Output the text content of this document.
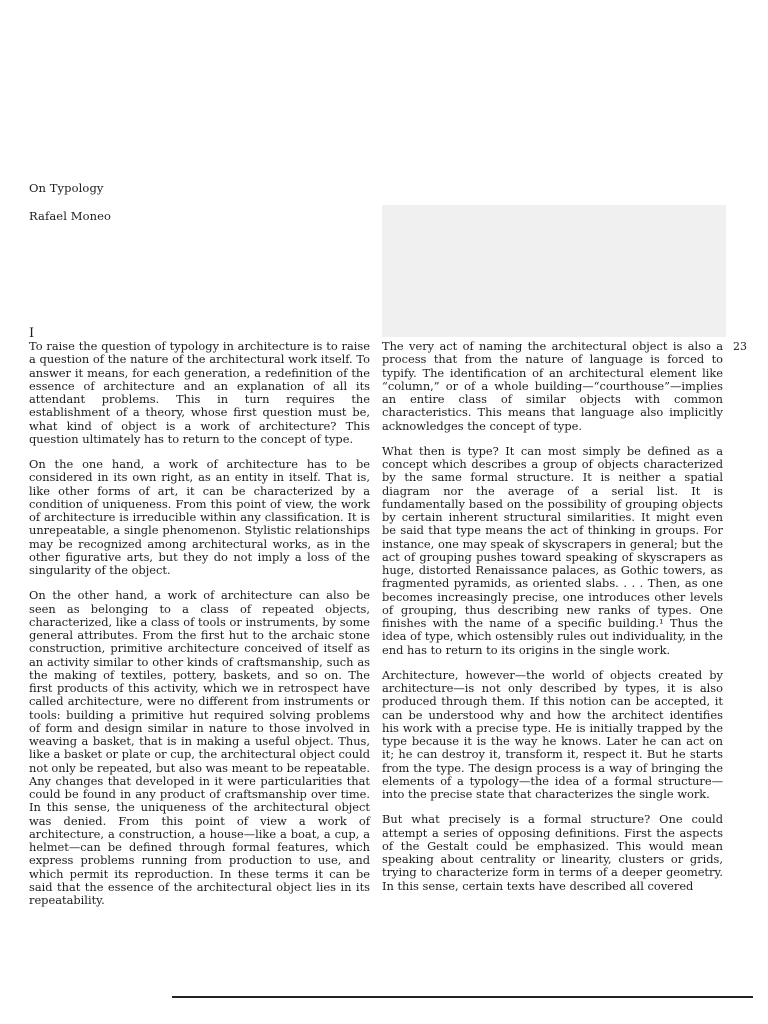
On Typology
Rafael Moneo
I
23

To raise the question of typology in architecture is to raise a question of the nature of the architectural work itself. To answer it means, for each generation, a redefinition of the essence of architecture and an explanation of all its attendant problems. This in turn requires the establishment of a theory, whose first question must be, what kind of object is a work of architecture? This question ultimately has to return to the concept of type.

On the one hand, a work of architecture has to be considered in its own right, as an entity in itself. That is, like other forms of art, it can be characterized by a condition of uniqueness. From this point of view, the work of architecture is irreducible within any classification. It is unrepeatable, a single phenomenon. Stylistic relationships may be recognized among architectural works, as in the other figurative arts, but they do not imply a loss of the singularity of the object.

On the other hand, a work of architecture can also be seen as belonging to a class of repeated objects, characterized, like a class of tools or instruments, by some general attributes. From the first hut to the archaic stone construction, primitive architecture conceived of itself as an activity similar to other kinds of craftsmanship, such as the making of textiles, pottery, baskets, and so on. The first products of this activity, which we in retrospect have called architecture, were no different from instruments or tools: building a primitive hut required solving problems of form and design similar in nature to those involved in weaving a basket, that is in making a useful object. Thus, like a basket or plate or cup, the architectural object could not only be repeated, but also was meant to be repeatable. Any changes that developed in it were particularities that could be found in any product of craftsmanship over time. In this sense, the uniqueness of the architectural object was denied. From this point of view a work of architecture, a construction, a house—like a boat, a cup, a helmet—can be defined through formal features, which express problems running from production to use, and which permit its reproduction. In these terms it can be said that the essence of the architectural object lies in its repeatability.

The very act of naming the architectural object is also a process that from the nature of language is forced to typify. The identification of an architectural element like “column,” or of a whole building—“courthouse”—implies an entire class of similar objects with common characteristics. This means that language also implicitly acknowledges the concept of type.

What then is type? It can most simply be defined as a concept which describes a group of objects characterized by the same formal structure. It is neither a spatial diagram nor the average of a serial list. It is fundamentally based on the possibility of grouping objects by certain inherent structural similarities. It might even be said that type means the act of thinking in groups. For instance, one may speak of skyscrapers in general; but the act of grouping pushes toward speaking of skyscrapers as huge, distorted Renaissance palaces, as Gothic towers, as fragmented pyramids, as oriented slabs. . . . Then, as one becomes increasingly precise, one introduces other levels of grouping, thus describing new ranks of types. One finishes with the name of a specific building.¹ Thus the idea of type, which ostensibly rules out individuality, in the end has to return to its origins in the single work.

Architecture, however—the world of objects created by architecture—is not only described by types, it is also produced through them. If this notion can be accepted, it can be understood why and how the architect identifies his work with a precise type. He is initially trapped by the type because it is the way he knows. Later he can act on it; he can destroy it, transform it, respect it. But he starts from the type. The design process is a way of bringing the elements of a typology—the idea of a formal structure—into the precise state that characterizes the single work.

But what precisely is a formal structure? One could attempt a series of opposing definitions. First the aspects of the Gestalt could be emphasized. This would mean speaking about centrality or linearity, clusters or grids, trying to characterize form in terms of a deeper geometry. In this sense, certain texts have described all covered
